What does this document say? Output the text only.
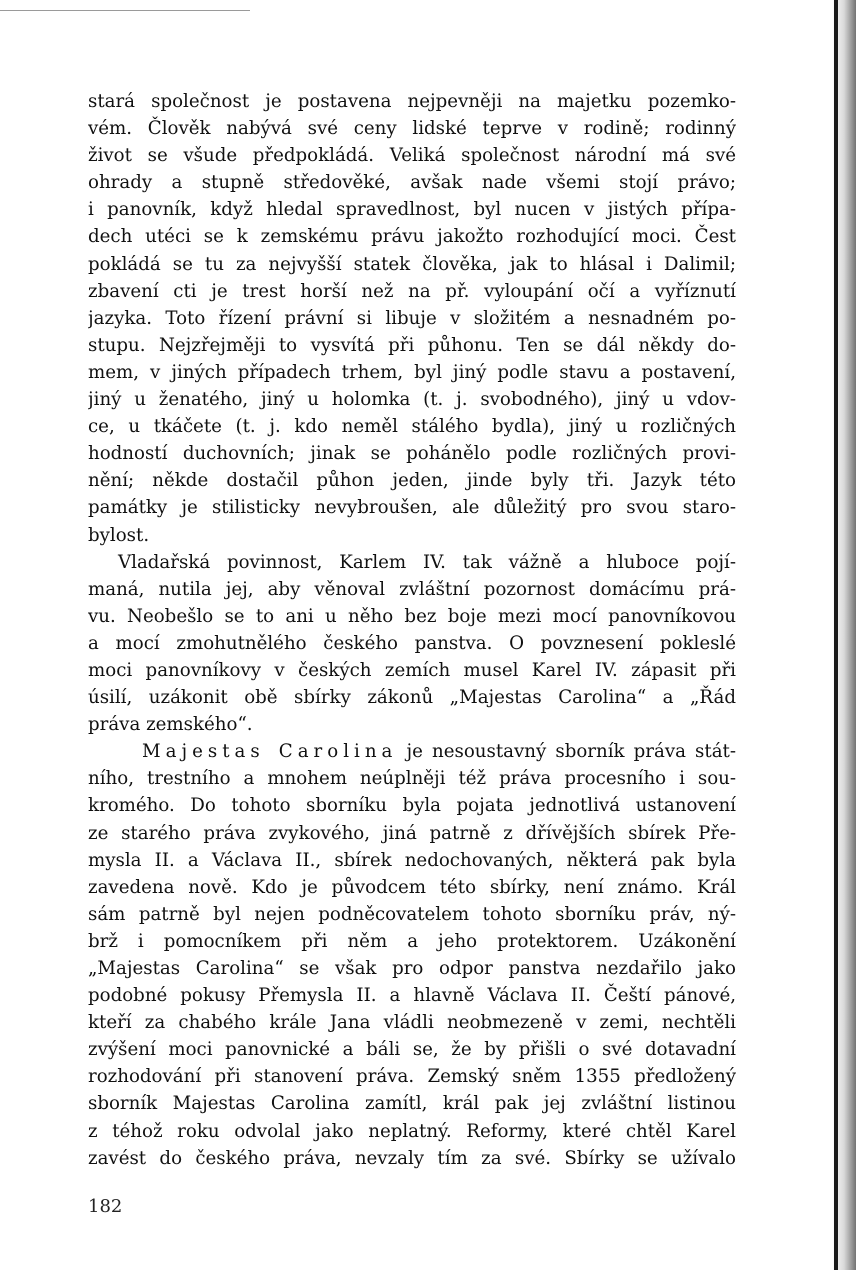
stará společnost je postavena nejpevněji na majetku pozemko-
vém. Člověk nabývá své ceny lidské teprve v rodině; rodinný
život se všude předpokládá. Veliká společnost národní má své
ohrady a stupně středověké, avšak nade všemi stojí právo;
i panovník, když hledal spravedlnost, byl nucen v jistých přípa-
dech utéci se k zemskému právu jakožto rozhodující moci. Čest
pokládá se tu za nejvyšší statek člověka, jak to hlásal i Dalimil;
zbavení cti je trest horší než na př. vyloupání očí a vyříznutí
jazyka. Toto řízení právní si libuje v složitém a nesnadném po-
stupu. Nejzřejměji to vysvítá při půhonu. Ten se dál někdy do-
mem, v jiných případech trhem, byl jiný podle stavu a postavení,
jiný u ženatého, jiný u holomka (t. j. svobodného), jiný u vdov-
ce, u tkáčete (t. j. kdo neměl stálého bydla), jiný u rozličných
hodností duchovních; jinak se pohánělo podle rozličných provi-
nění; někde dostačil půhon jeden, jinde byly tři. Jazyk této
památky je stilisticky nevybroušen, ale důležitý pro svou staro-
bylost.
Vladařská povinnost, Karlem IV. tak vážně a hluboce pojí-
maná, nutila jej, aby věnoval zvláštní pozornost domácímu prá-
vu. Neobešlo se to ani u něho bez boje mezi mocí panovníkovou
a mocí zmohutnělého českého panstva. O povznesení pokleslé
moci panovníkovy v českých zemích musel Karel IV. zápasit při
úsilí, uzákonit obě sbírky zákonů „Majestas Carolina“ a „Řád
práva zemského“.
Majestas Carolina je nesoustavný sborník práva stát-
ního, trestního a mnohem neúplněji též práva procesního i sou-
kromého. Do tohoto sborníku byla pojata jednotlivá ustanovení
ze starého práva zvykového, jiná patrně z dřívějších sbírek Pře-
mysla II. a Václava II., sbírek nedochovaných, některá pak byla
zavedena nově. Kdo je původcem této sbírky, není známo. Král
sám patrně byl nejen podněcovatelem tohoto sborníku práv, ný-
brž i pomocníkem při něm a jeho protektorem. Uzákonění
„Majestas Carolina“ se však pro odpor panstva nezdařilo jako
podobné pokusy Přemysla II. a hlavně Václava II. Čeští pánové,
kteří za chabého krále Jana vládli neobmezeně v zemi, nechtěli
zvýšení moci panovnické a báli se, že by přišli o své dotavadní
rozhodování při stanovení práva. Zemský sněm 1355 předložený
sborník Majestas Carolina zamítl, král pak jej zvláštní listinou
z téhož roku odvolal jako neplatný. Reformy, které chtěl Karel
zavést do českého práva, nevzaly tím za své. Sbírky se užívalo
182
